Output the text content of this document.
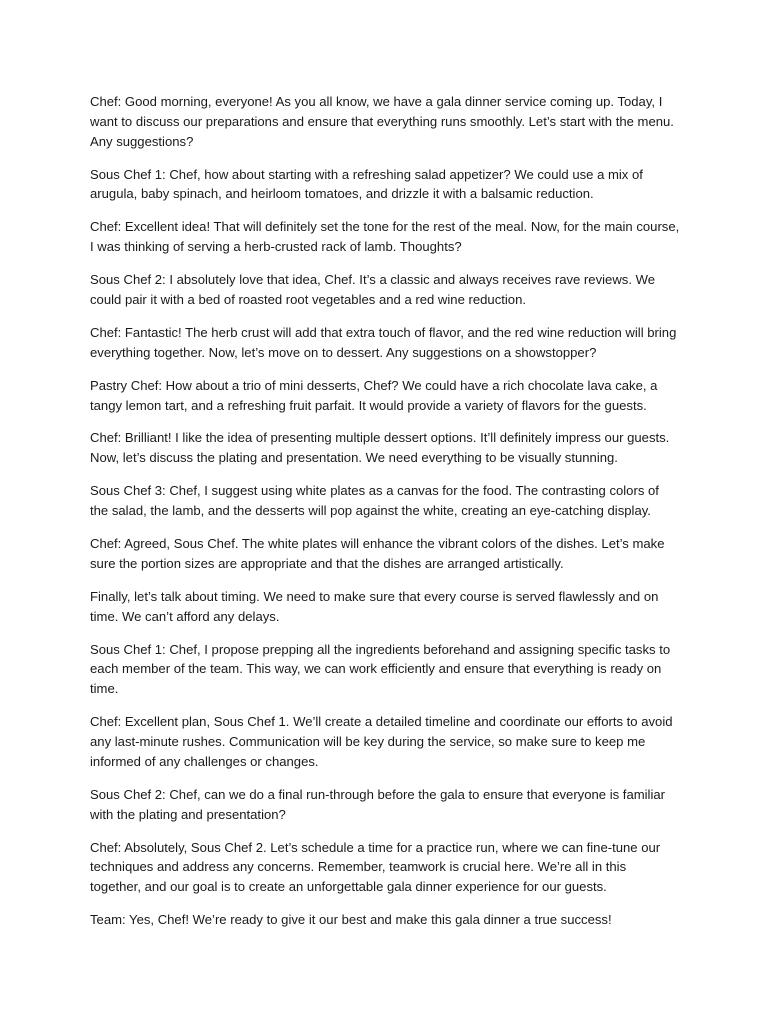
Chef: Good morning, everyone! As you all know, we have a gala dinner service coming up. Today, I want to discuss our preparations and ensure that everything runs smoothly. Let’s start with the menu. Any suggestions?

Sous Chef 1: Chef, how about starting with a refreshing salad appetizer? We could use a mix of arugula, baby spinach, and heirloom tomatoes, and drizzle it with a balsamic reduction.

Chef: Excellent idea! That will definitely set the tone for the rest of the meal. Now, for the main course, I was thinking of serving a herb-crusted rack of lamb. Thoughts?

Sous Chef 2: I absolutely love that idea, Chef. It’s a classic and always receives rave reviews. We could pair it with a bed of roasted root vegetables and a red wine reduction.

Chef: Fantastic! The herb crust will add that extra touch of flavor, and the red wine reduction will bring everything together. Now, let’s move on to dessert. Any suggestions on a showstopper?

Pastry Chef: How about a trio of mini desserts, Chef? We could have a rich chocolate lava cake, a tangy lemon tart, and a refreshing fruit parfait. It would provide a variety of flavors for the guests.

Chef: Brilliant! I like the idea of presenting multiple dessert options. It’ll definitely impress our guests. Now, let’s discuss the plating and presentation. We need everything to be visually stunning.

Sous Chef 3: Chef, I suggest using white plates as a canvas for the food. The contrasting colors of the salad, the lamb, and the desserts will pop against the white, creating an eye-catching display.

Chef: Agreed, Sous Chef. The white plates will enhance the vibrant colors of the dishes. Let’s make sure the portion sizes are appropriate and that the dishes are arranged artistically.

Finally, let’s talk about timing. We need to make sure that every course is served flawlessly and on time. We can’t afford any delays.

Sous Chef 1: Chef, I propose prepping all the ingredients beforehand and assigning specific tasks to each member of the team. This way, we can work efficiently and ensure that everything is ready on time.

Chef: Excellent plan, Sous Chef 1. We’ll create a detailed timeline and coordinate our efforts to avoid any last-minute rushes. Communication will be key during the service, so make sure to keep me informed of any challenges or changes.

Sous Chef 2: Chef, can we do a final run-through before the gala to ensure that everyone is familiar with the plating and presentation?

Chef: Absolutely, Sous Chef 2. Let’s schedule a time for a practice run, where we can fine-tune our techniques and address any concerns. Remember, teamwork is crucial here. We’re all in this together, and our goal is to create an unforgettable gala dinner experience for our guests.

Team: Yes, Chef! We’re ready to give it our best and make this gala dinner a true success!
